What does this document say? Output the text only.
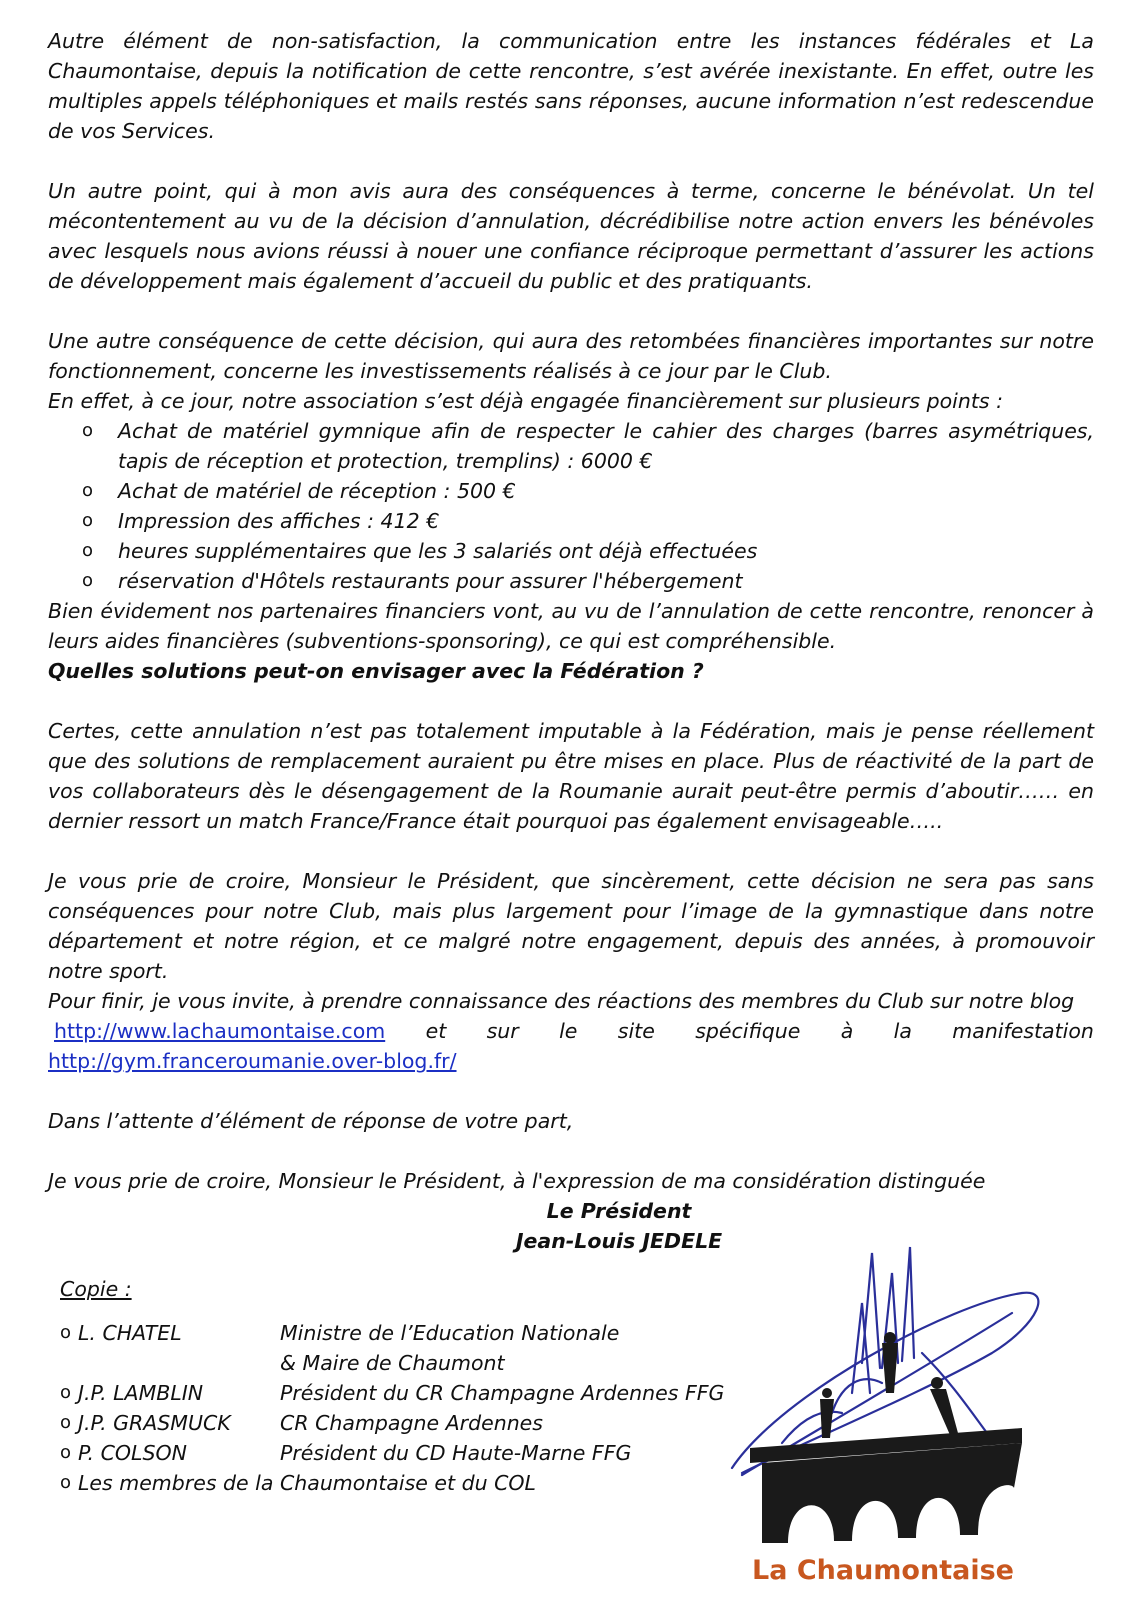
Autre élément de non-satisfaction, la communication entre les instances fédérales et La Chaumontaise, depuis la notification de cette rencontre, s’est avérée inexistante. En effet, outre les multiples appels téléphoniques et mails restés sans réponses, aucune information n’est redescendue de vos Services.

Un autre point, qui à mon avis aura des conséquences à terme, concerne le bénévolat. Un tel mécontentement au vu de la décision d’annulation, décrédibilise notre action envers les bénévoles avec lesquels nous avions réussi à nouer une confiance réciproque permettant d’assurer les actions de développement mais également d’accueil du public et des pratiquants.

Une autre conséquence de cette décision, qui aura des retombées financières importantes sur notre fonctionnement, concerne les investissements réalisés à ce jour par le Club.

En effet, à ce jour, notre association s’est déjà engagée financièrement sur plusieurs points :

o Achat de matériel gymnique afin de respecter le cahier des charges (barres asymétriques, tapis de réception et protection, tremplins) : 6000 €
o Achat de matériel de réception : 500 €
o Impression des affiches : 412 €
o heures supplémentaires que les 3 salariés ont déjà effectuées
o réservation d'Hôtels restaurants pour assurer l'hébergement

Bien évidement nos partenaires financiers vont, au vu de l’annulation de cette rencontre, renoncer à leurs aides financières (subventions-sponsoring), ce qui est compréhensible.

Quelles solutions peut-on envisager avec la Fédération ?

Certes, cette annulation n’est pas totalement imputable à la Fédération, mais je pense réellement que des solutions de remplacement auraient pu être mises en place. Plus de réactivité de la part de vos collaborateurs dès le désengagement de la Roumanie aurait peut-être permis d’aboutir…… en dernier ressort un match France/France était pourquoi pas également envisageable…..

Je vous prie de croire, Monsieur le Président, que sincèrement, cette décision ne sera pas sans conséquences pour notre Club, mais plus largement pour l’image de la gymnastique dans notre département et notre région, et ce malgré notre engagement, depuis des années, à promouvoir notre sport.

Pour finir, je vous invite, à prendre connaissance des réactions des membres du Club sur notre blog

http://www.lachaumontaise.com et sur le site spécifique à la manifestation

http://gym.franceroumanie.over-blog.fr/

Dans l’attente d’élément de réponse de votre part,

Je vous prie de croire, Monsieur le Président, à l'expression de ma considération distinguée

Le Président

Jean-Louis JEDELE

Copie :
o L. CHATEL	Ministre de l’Education Nationale
& Maire de Chaumont
o J.P. LAMBLIN	Président du CR Champagne Ardennes FFG
o J.P. GRASMUCK	CR Champagne Ardennes
o P. COLSON	Président du CD Haute-Marne FFG
o Les membres de la Chaumontaise et du COL
La Chaumontaise
